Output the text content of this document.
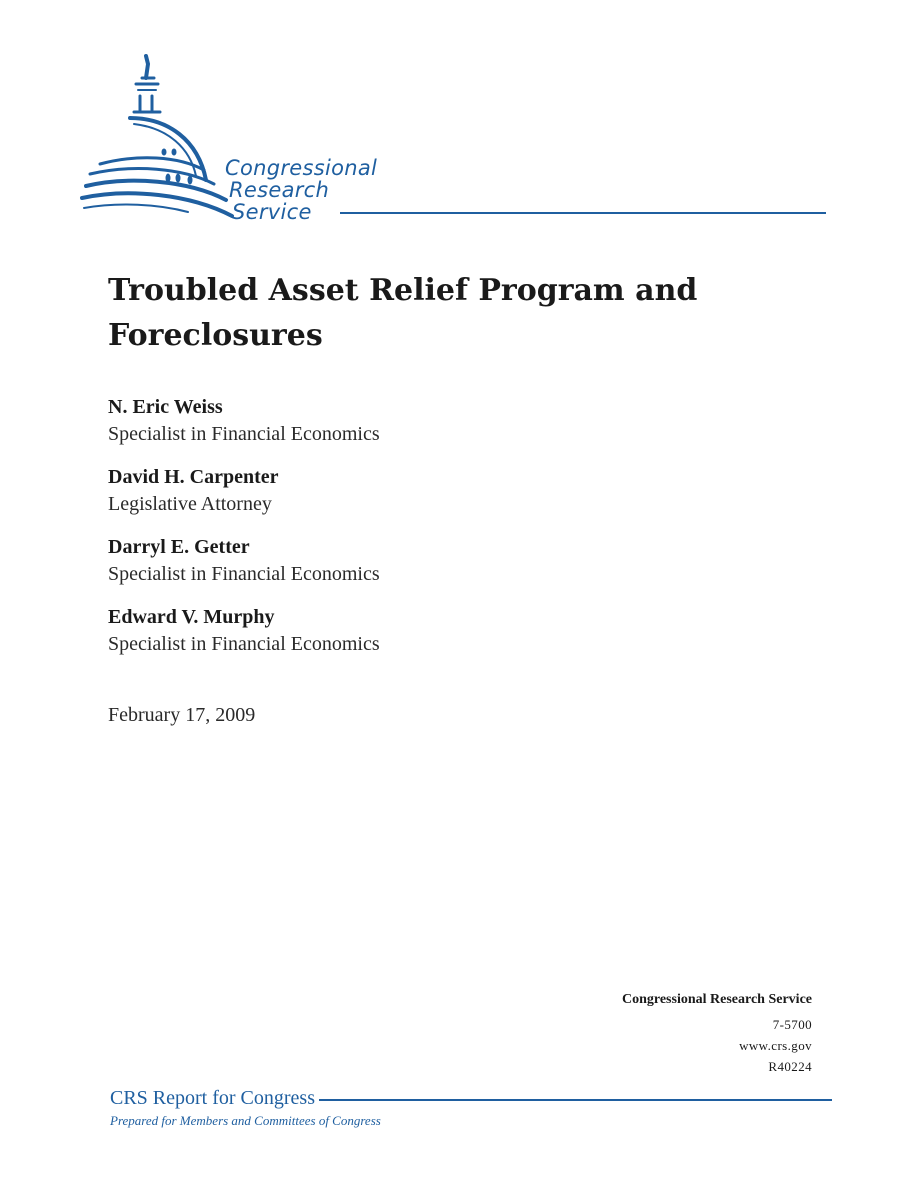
Congressional
Research
Service
Troubled Asset Relief Program and Foreclosures
N. Eric Weiss
Specialist in Financial Economics
David H. Carpenter
Legislative Attorney
Darryl E. Getter
Specialist in Financial Economics
Edward V. Murphy
Specialist in Financial Economics
February 17, 2009
Congressional Research Service
7-5700
www.crs.gov
R40224
CRS Report for Congress
Prepared for Members and Committees of Congress
